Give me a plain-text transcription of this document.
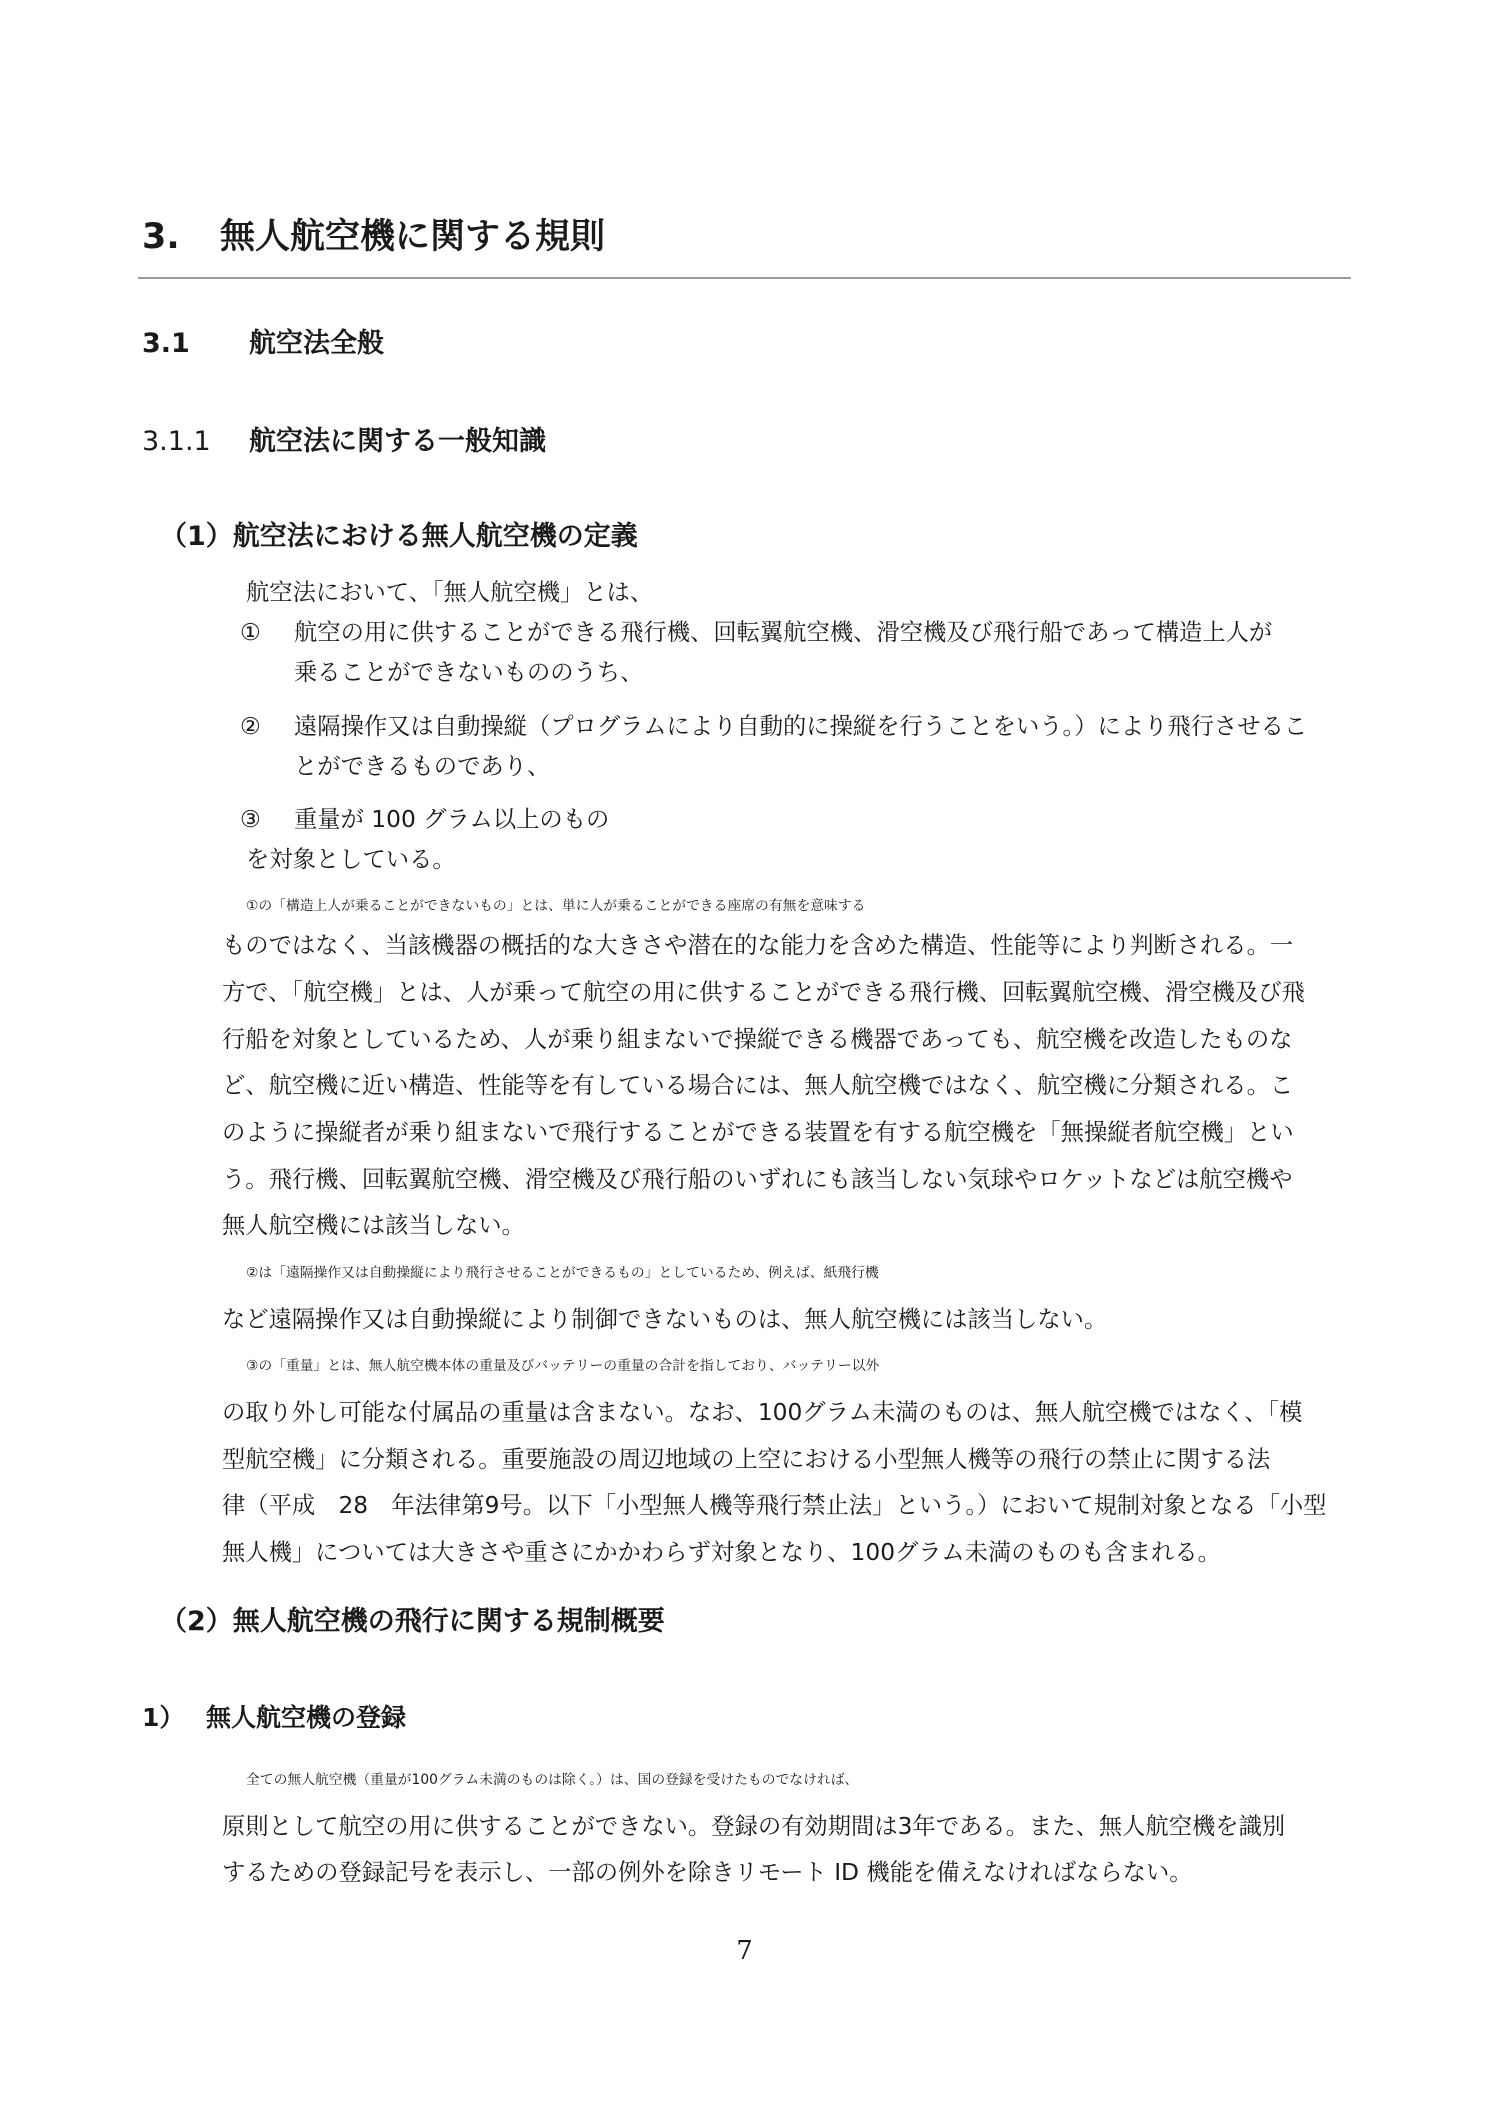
3. 無人航空機に関する規則
3.1 航空法全般
3.1.1 航空法に関する一般知識
（1）航空法における無人航空機の定義
航空法において、「無人航空機」とは、
① 航空の用に供することができる飛行機、回転翼航空機、滑空機及び飛行船であって構造上人が
乗ることができないもののうち、
② 遠隔操作又は自動操縦（プログラムにより自動的に操縦を行うことをいう。）により飛行させるこ
とができるものであり、
③ 重量が 100 グラム以上のもの
を対象としている。
①の「構造上人が乗ることができないもの」とは、単に人が乗ることができる座席の有無を意味する
ものではなく、当該機器の概括的な大きさや潜在的な能力を含めた構造、性能等により判断される。一
方で、「航空機」とは、人が乗って航空の用に供することができる飛行機、回転翼航空機、滑空機及び飛
行船を対象としているため、人が乗り組まないで操縦できる機器であっても、航空機を改造したものな
ど、航空機に近い構造、性能等を有している場合には、無人航空機ではなく、航空機に分類される。こ
のように操縦者が乗り組まないで飛行することができる装置を有する航空機を「無操縦者航空機」とい
う。飛行機、回転翼航空機、滑空機及び飛行船のいずれにも該当しない気球やロケットなどは航空機や
無人航空機には該当しない。
②は「遠隔操作又は自動操縦により飛行させることができるもの」としているため、例えば、紙飛行機
など遠隔操作又は自動操縦により制御できないものは、無人航空機には該当しない。
③の「重量」とは、無人航空機本体の重量及びバッテリーの重量の合計を指しており、バッテリー以外
の取り外し可能な付属品の重量は含まない。なお、100グラム未満のものは、無人航空機ではなく、「模
型航空機」に分類される。重要施設の周辺地域の上空における小型無人機等の飛行の禁止に関する法
律（平成　28　年法律第9号。以下「小型無人機等飛行禁止法」という。）において規制対象となる「小型
無人機」については大きさや重さにかかわらず対象となり、100グラム未満のものも含まれる。
（2）無人航空機の飛行に関する規制概要
1） 無人航空機の登録
全ての無人航空機（重量が100グラム未満のものは除く。）は、国の登録を受けたものでなければ、
原則として航空の用に供することができない。登録の有効期間は3年である。また、無人航空機を識別
するための登録記号を表示し、一部の例外を除きリモート ID 機能を備えなければならない。
7
